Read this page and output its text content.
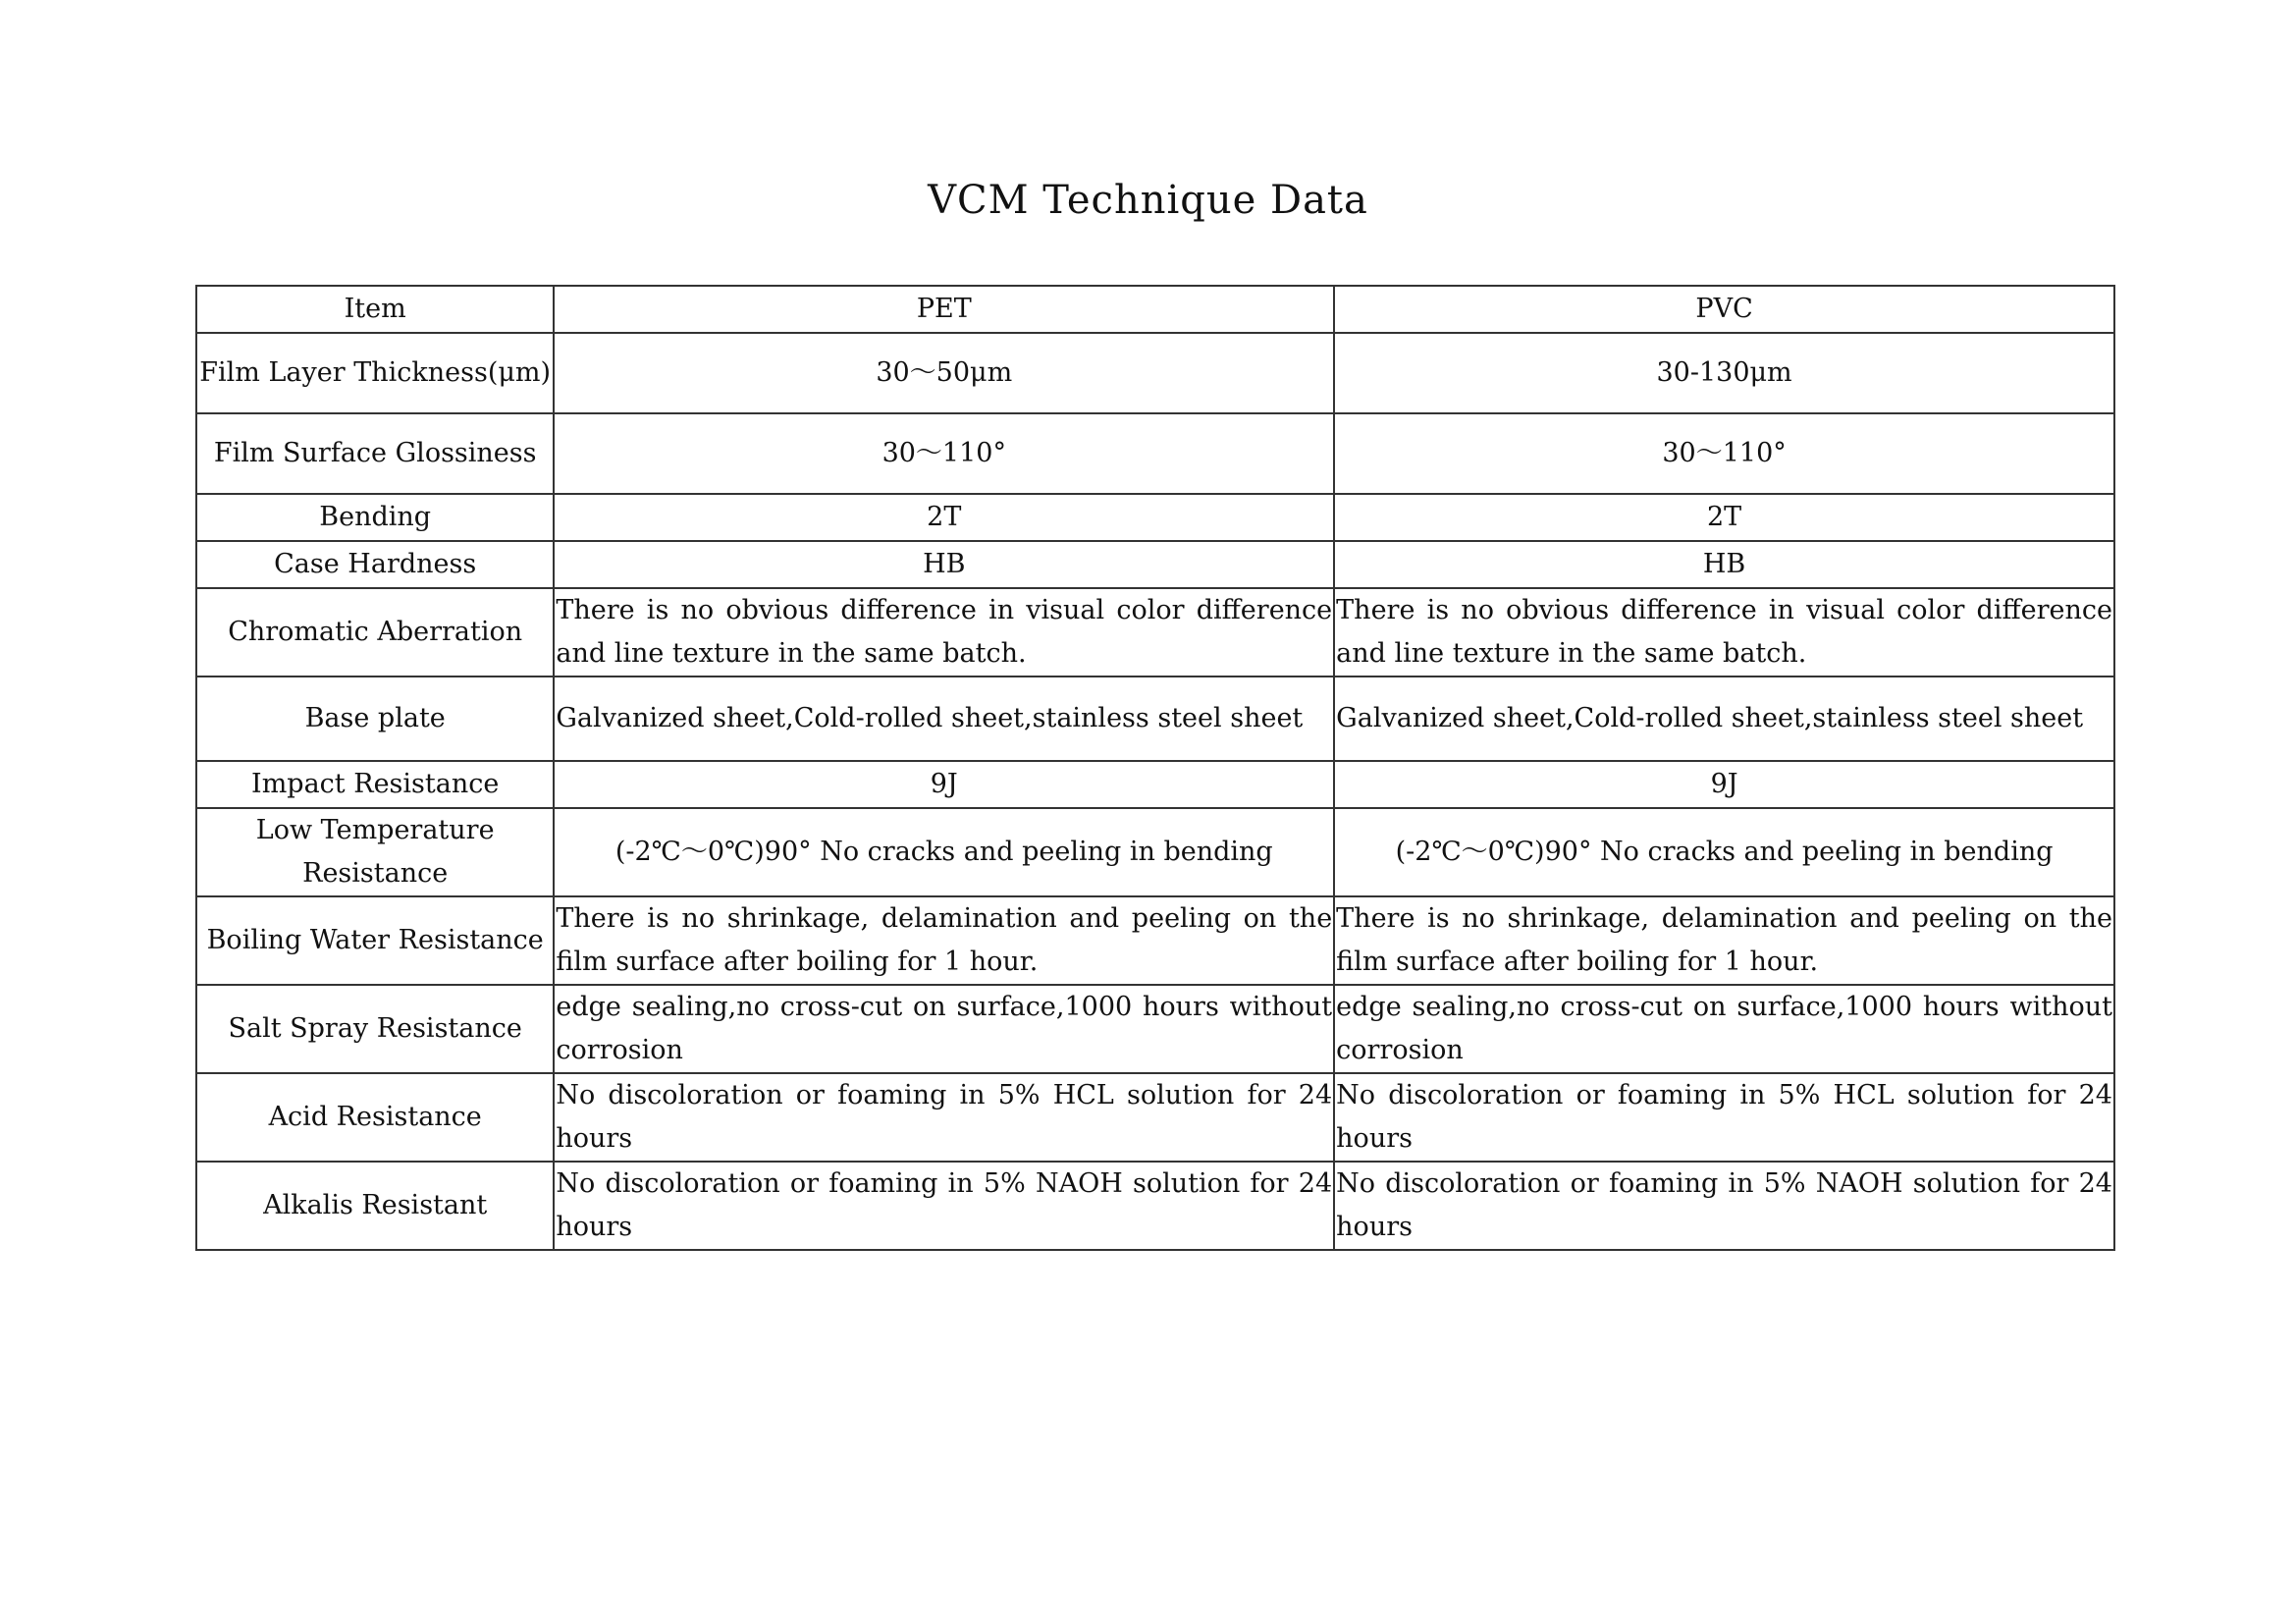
VCM Technique Data
Item	PET	PVC
Film Layer Thickness(μm)	30～50μm	30-130μm
Film Surface Glossiness	30～110°	30～110°
Bending	2T	2T
Case Hardness	HB	HB
Chromatic Aberration	There is no obvious difference in visual color difference and line texture in the same batch.	There is no obvious difference in visual color difference and line texture in the same batch.
Base plate	Galvanized sheet,Cold-rolled sheet,stainless steel sheet	Galvanized sheet,Cold-rolled sheet,stainless steel sheet
Impact Resistance	9J	9J
Low Temperature Resistance	(-2℃～0℃)90° No cracks and peeling in bending	(-2℃～0℃)90° No cracks and peeling in bending
Boiling Water Resistance	There is no shrinkage, delamination and peeling on the film surface after boiling for 1 hour.	There is no shrinkage, delamination and peeling on the film surface after boiling for 1 hour.
Salt Spray Resistance	edge sealing,no cross-cut on surface,1000 hours without corrosion	edge sealing,no cross-cut on surface,1000 hours without corrosion
Acid Resistance	No discoloration or foaming in 5% HCL solution for 24 hours	No discoloration or foaming in 5% HCL solution for 24 hours
Alkalis Resistant	No discoloration or foaming in 5% NAOH solution for 24 hours	No discoloration or foaming in 5% NAOH solution for 24 hours
